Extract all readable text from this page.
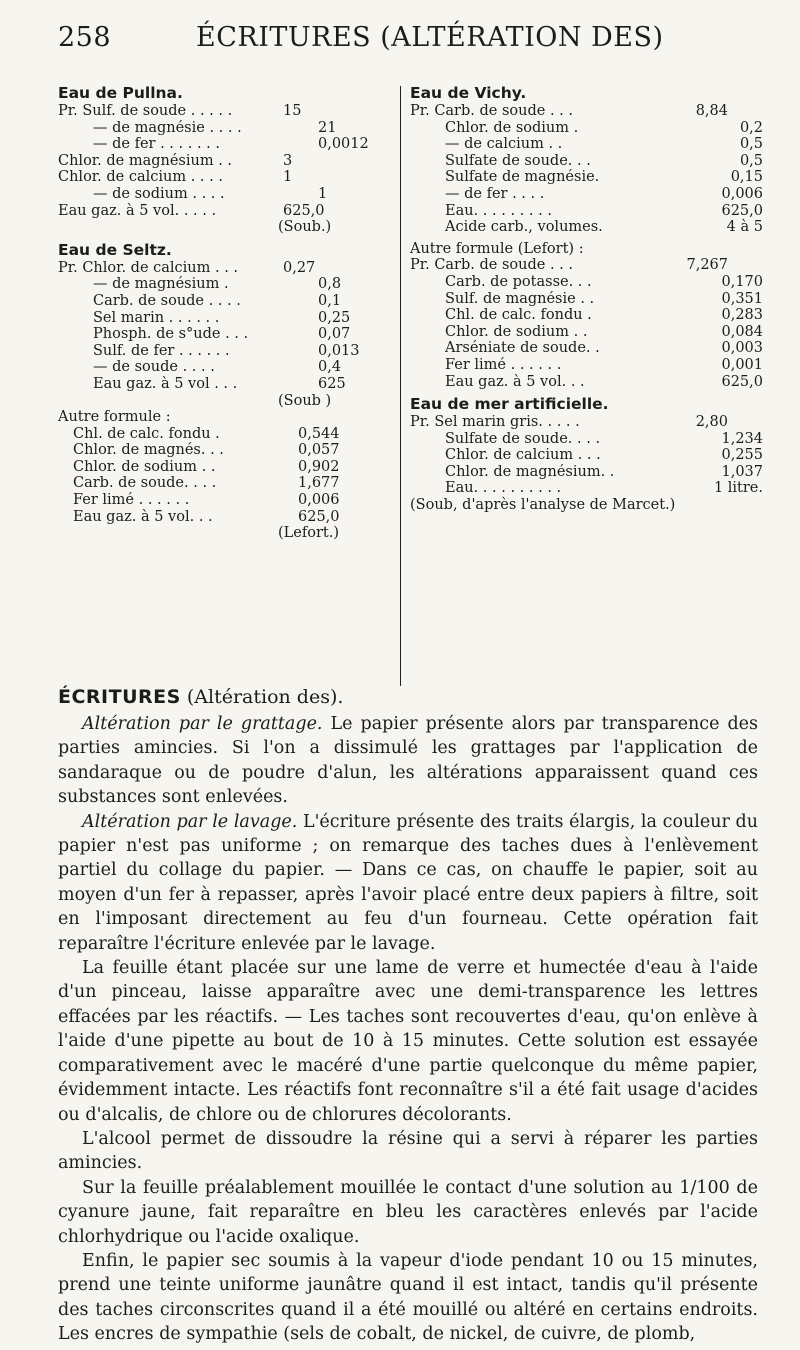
258	ÉCRITURES (ALTÉRATION DES)
Eau de Pullna.
Pr. Sulf. de soude . . . . .	15
— de magnésie . . . .	21
— de fer . . . . . . .	0,0012
Chlor. de magnésium . .	3
Chlor. de calcium . . . .	1
— de sodium . . . .	1
Eau gaz. à 5 vol. . . . .	625,0
(Soub.)
Eau de Seltz.
Pr. Chlor. de calcium . . .	0,27
— de magnésium .	0,8
Carb. de soude . . . .	0,1
Sel marin . . . . . .	0,25
Phosph. de s°ude . . .	0,07
Sulf. de fer . . . . . .	0,013
— de soude . . . .	0,4
Eau gaz. à 5 vol . . .	625
(Soub )
Autre formule :
Chl. de calc. fondu .	0,544
Chlor. de magnés. . .	0,057
Chlor. de sodium . .	0,902
Carb. de soude. . . .	1,677
Fer limé . . . . . .	0,006
Eau gaz. à 5 vol. . .	625,0
(Lefort.)
Eau de Vichy.
Pr. Carb. de soude . . .	8,84
Chlor. de sodium .	0,2
— de calcium . .	0,5
Sulfate de soude. . .	0,5
Sulfate de magnésie.	0,15
— de fer . . . .	0,006
Eau. . . . . . . . .	625,0
Acide carb., volumes.	4 à 5
Autre formule (Lefort) :
Pr. Carb. de soude . . .	7,267
Carb. de potasse. . .	0,170
Sulf. de magnésie . .	0,351
Chl. de calc. fondu .	0,283
Chlor. de sodium . .	0,084
Arséniate de soude. .	0,003
Fer limé . . . . . .	0,001
Eau gaz. à 5 vol. . .	625,0
Eau de mer artificielle.
Pr. Sel marin gris. . . . .	2,80
Sulfate de soude. . . .	1,234
Chlor. de calcium . . .	0,255
Chlor. de magnésium. .	1,037
Eau. . . . . . . . . .	1 litre.
(Soub, d'après l'analyse de Marcet.)
ÉCRITURES (Altération des).

Altération par le grattage. Le papier présente alors par transparence des parties amincies. Si l'on a dissimulé les grattages par l'application de sandaraque ou de poudre d'alun, les altérations apparaissent quand ces substances sont enlevées.

Altération par le lavage. L'écriture présente des traits élargis, la couleur du papier n'est pas uniforme ; on remarque des taches dues à l'enlèvement partiel du collage du papier. — Dans ce cas, on chauffe le papier, soit au moyen d'un fer à repasser, après l'avoir placé entre deux papiers à filtre, soit en l'imposant directement au feu d'un fourneau. Cette opération fait reparaître l'écriture enlevée par le lavage.

La feuille étant placée sur une lame de verre et humectée d'eau à l'aide d'un pinceau, laisse apparaître avec une demi-transparence les lettres effacées par les réactifs. — Les taches sont recouvertes d'eau, qu'on enlève à l'aide d'une pipette au bout de 10 à 15 minutes. Cette solution est essayée comparativement avec le macéré d'une partie quelconque du même papier, évidemment intacte. Les réactifs font reconnaître s'il a été fait usage d'acides ou d'alcalis, de chlore ou de chlorures décolorants.

L'alcool permet de dissoudre la résine qui a servi à réparer les parties amincies.

Sur la feuille préalablement mouillée le contact d'une solution au 1/100 de cyanure jaune, fait reparaître en bleu les caractères enlevés par l'acide chlorhydrique ou l'acide oxalique.

Enfin, le papier sec soumis à la vapeur d'iode pendant 10 ou 15 minutes, prend une teinte uniforme jaunâtre quand il est intact, tandis qu'il présente des taches circonscrites quand il a été mouillé ou altéré en certains endroits. Les encres de sympathie (sels de cobalt, de nickel, de cuivre, de plomb,
